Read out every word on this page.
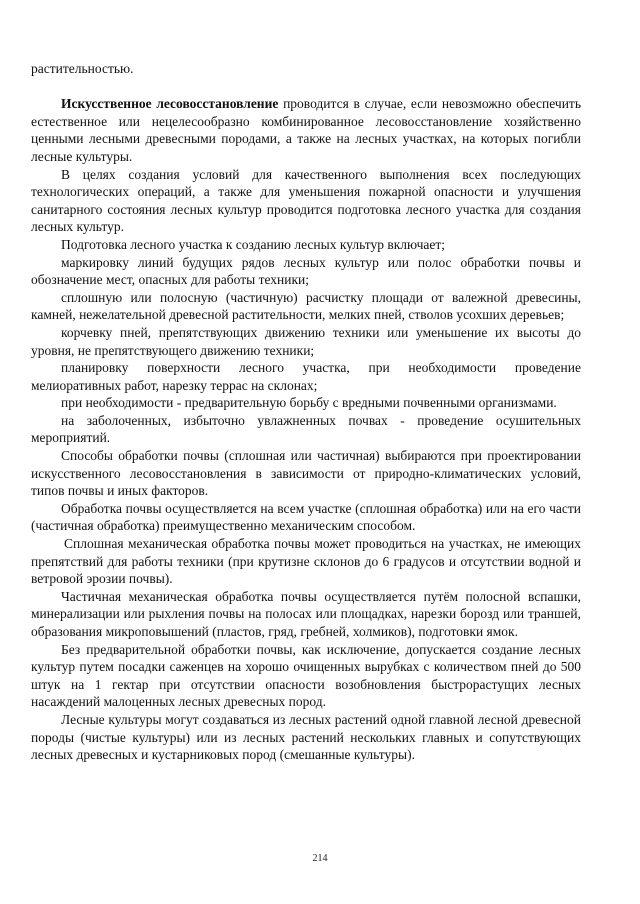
растительностью.

Искусственное лесовосстановление проводится в случае, если невозможно обеспечить естественное или нецелесообразно комбинированное лесовосстановление хозяйственно ценными лесными древесными породами, а также на лесных участках, на которых погибли лесные культуры.

В целях создания условий для качественного выполнения всех последующих технологических операций, а также для уменьшения пожарной опасности и улучшения санитарного состояния лесных культур проводится подготовка лесного участка для создания лесных культур.

Подготовка лесного участка к созданию лесных культур включает;

маркировку линий будущих рядов лесных культур или полос обработки почвы и обозначение мест, опасных для работы техники;

сплошную или полосную (частичную) расчистку площади от валежной древесины, камней, нежелательной древесной растительности, мелких пней, стволов усохших деревьев;

корчевку пней, препятствующих движению техники или уменьшение их высоты до уровня, не препятствующего движению техники;

планировку поверхности лесного участка, при необходимости проведение мелиоративных работ, нарезку террас на склонах;

при необходимости - предварительную борьбу с вредными почвенными организмами.

на заболоченных, избыточно увлажненных почвах - проведение осушительных мероприятий.

Способы обработки почвы (сплошная или частичная) выбираются при проектировании искусственного лесовосстановления в зависимости от природно-климатических условий, типов почвы и иных факторов.

Обработка почвы осуществляется на всем участке (сплошная обработка) или на его части (частичная обработка) преимущественно механическим способом.

Сплошная механическая обработка почвы может проводиться на участках, не имеющих препятствий для работы техники (при крутизне склонов до 6 градусов и отсутствии водной и ветровой эрозии почвы).

Частичная механическая обработка почвы осуществляется путём полосной вспашки, минерализации или рыхления почвы на полосах или площадках, нарезки борозд или траншей, образования микроповышений (пластов, гряд, гребней, холмиков), подготовки ямок.

Без предварительной обработки почвы, как исключение, допускается создание лесных культур путем посадки саженцев на хорошо очищенных вырубках с количеством пней до 500 штук на 1 гектар при отсутствии опасности возобновления быстрорастущих лесных насаждений малоценных лесных древесных пород.

Лесные культуры могут создаваться из лесных растений одной главной лесной древесной породы (чистые культуры) или из лесных растений нескольких главных и сопутствующих лесных древесных и кустарниковых пород (смешанные культуры).

214
